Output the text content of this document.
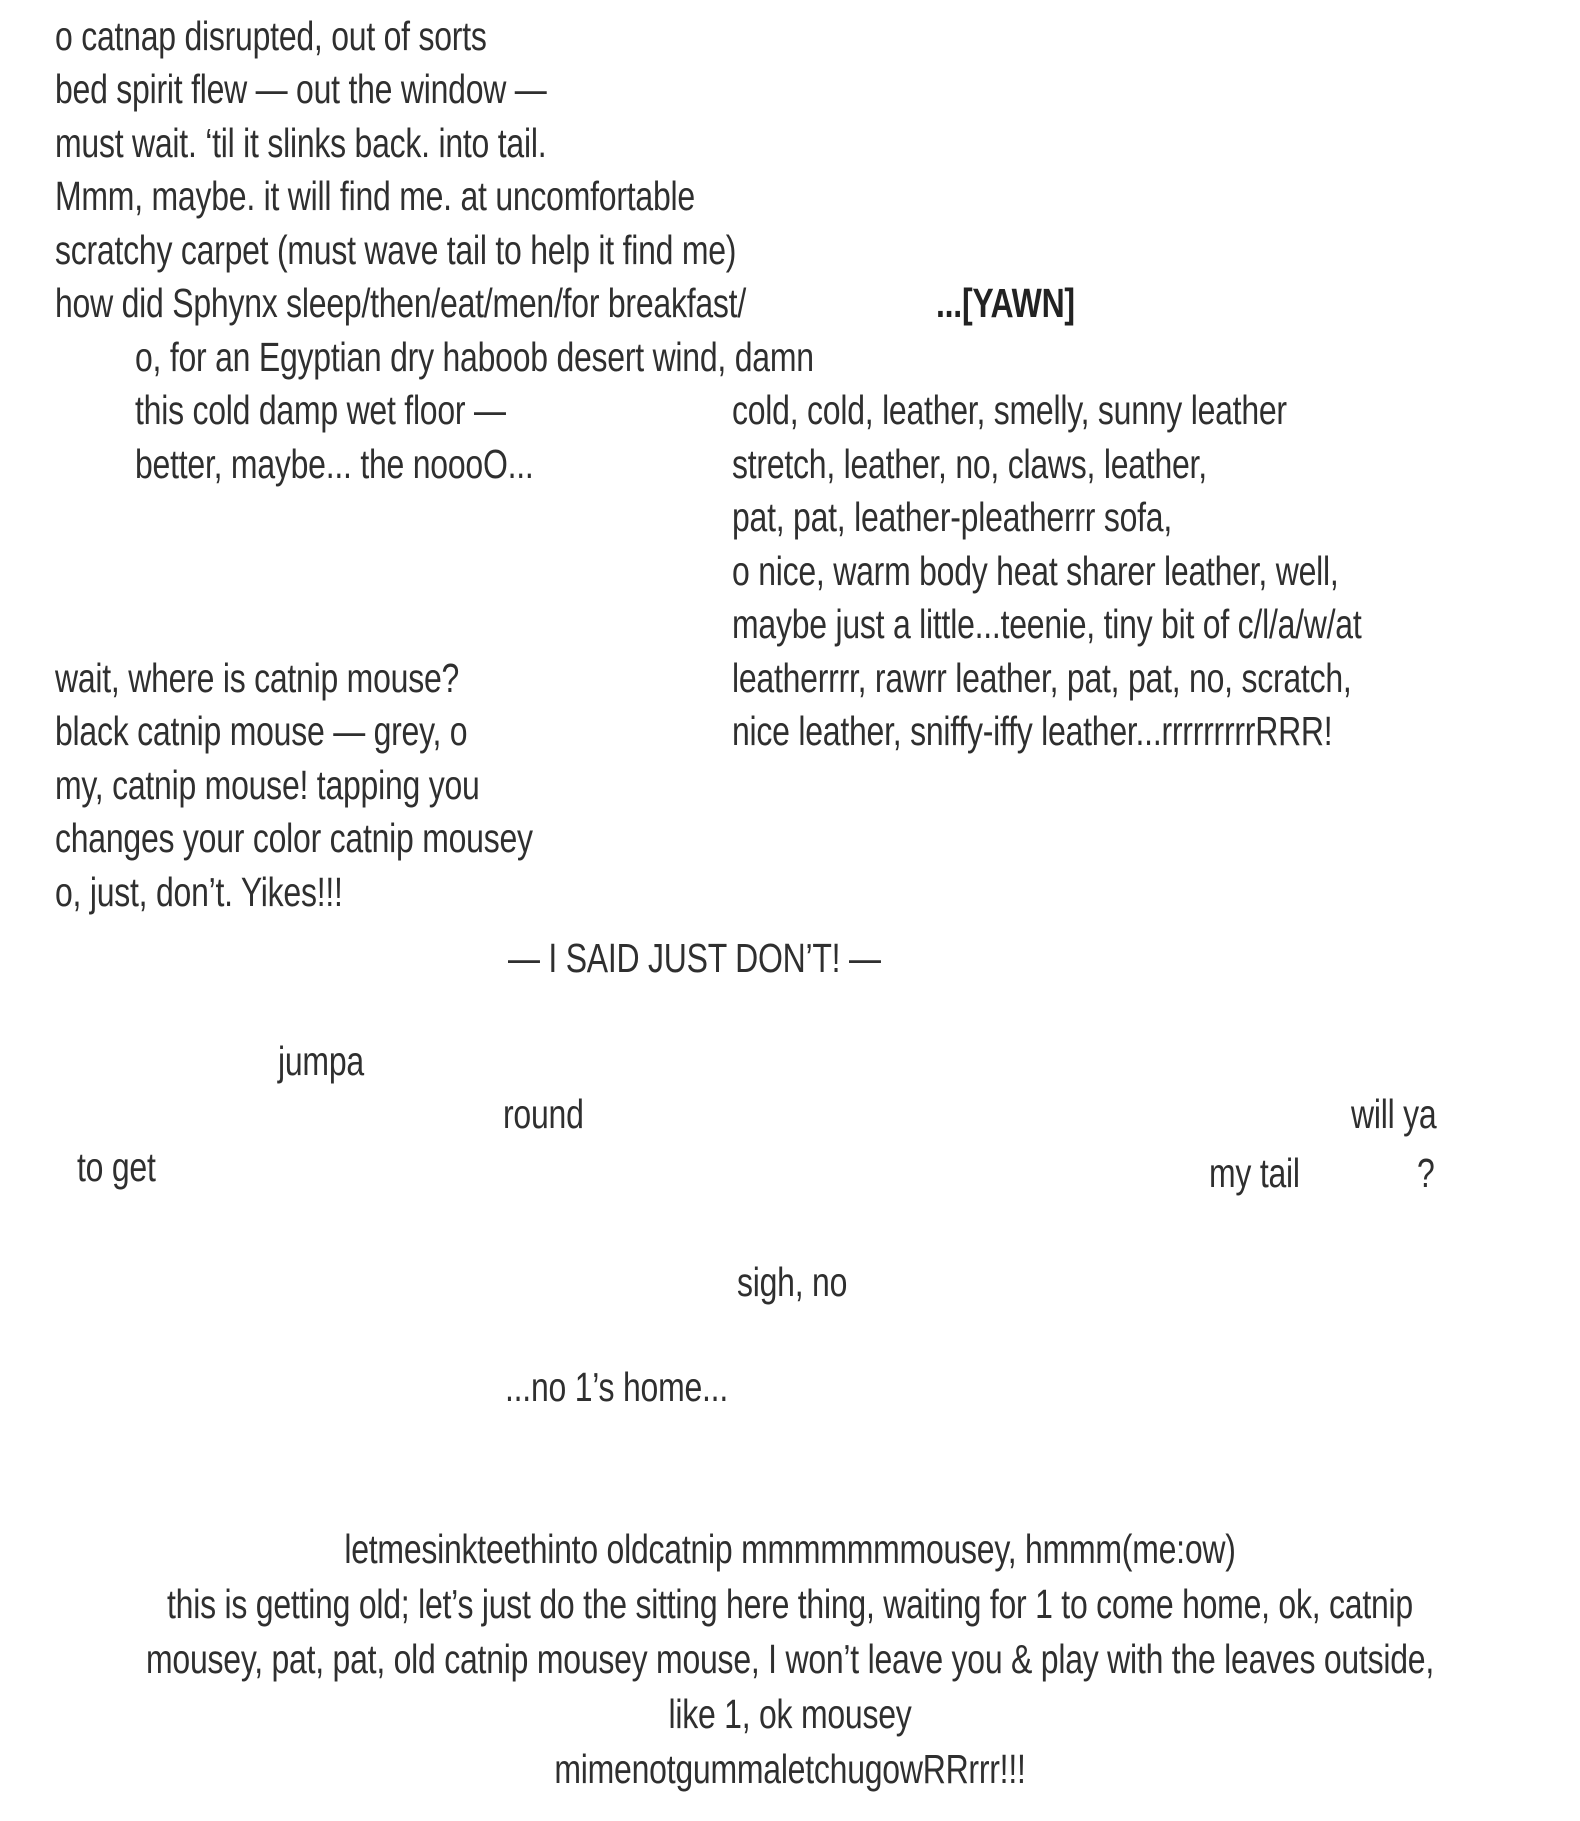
o catnap disrupted, out of sorts
bed spirit flew — out the window —
must wait. ‘til it slinks back. into tail.
Mmm, maybe. it will find me. at uncomfortable
scratchy carpet (must wave tail to help it find me)
how did Sphynx sleep/then/eat/men/for breakfast/	...[YAWN]
o, for an Egyptian dry haboob desert wind, damn
this cold damp wet floor —
better, maybe... the noooO...
cold, cold, leather, smelly, sunny leather
stretch, leather, no, claws, leather,
pat, pat, leather-pleatherrr sofa,
o nice, warm body heat sharer leather, well,
maybe just a little...teenie, tiny bit of c/l/a/w/at
leatherrrr, rawrr leather, pat, pat, no, scratch,
nice leather, sniffy-iffy leather...rrrrrrrrrRRR!
wait, where is catnip mouse?
black catnip mouse — grey, o
my, catnip mouse! tapping you
changes your color catnip mousey
o, just, don’t. Yikes!!!
— I SAID JUST DON’T! —
jumpa
round	will ya
to get	my tail	?
sigh, no
...no 1’s home...
letmesinkteethinto oldcatnip mmmmmmmousey, hmmm(me:ow)
this is getting old; let’s just do the sitting here thing, waiting for 1 to come home, ok, catnip
mousey, pat, pat, old catnip mousey mouse, I won’t leave you & play with the leaves outside,
like 1, ok mousey
mimenotgummaletchugowRRrrr!!!
